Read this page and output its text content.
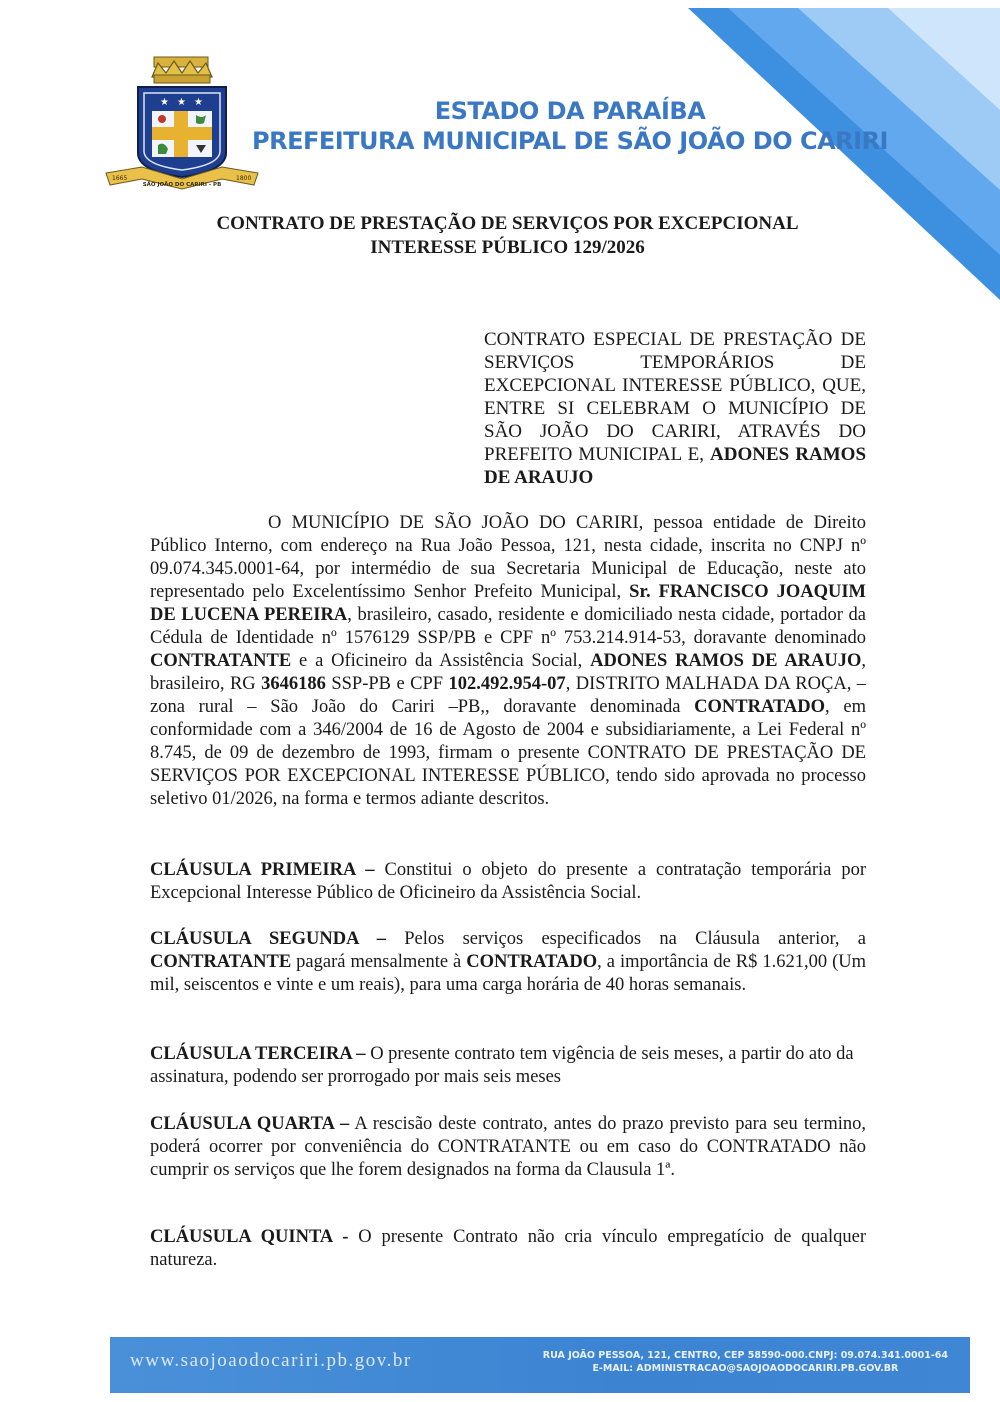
★ ★ ★
1665	1800
SÃO JOÃO DO CARIRI - PB
ESTADO DA PARAÍBA
PREFEITURA MUNICIPAL DE SÃO JOÃO DO CARIRI
CONTRATO DE PRESTAÇÃO DE SERVIÇOS POR EXCEPCIONAL
INTERESSE PÚBLICO 129/2026
CONTRATO ESPECIAL DE PRESTAÇÃO DE SERVIÇOS TEMPORÁRIOS DE EXCEPCIONAL INTERESSE PÚBLICO, QUE, ENTRE SI CELEBRAM O MUNICÍPIO DE SÃO JOÃO DO CARIRI, ATRAVÉS DO PREFEITO MUNICIPAL E, ADONES RAMOS DE ARAUJO
O MUNICÍPIO DE SÃO JOÃO DO CARIRI, pessoa entidade de Direito Público Interno, com endereço na Rua João Pessoa, 121, nesta cidade, inscrita no CNPJ nº 09.074.345.0001-64, por intermédio de sua Secretaria Municipal de Educação, neste ato representado pelo Excelentíssimo Senhor Prefeito Municipal, Sr. FRANCISCO JOAQUIM DE LUCENA PEREIRA, brasileiro, casado, residente e domiciliado nesta cidade, portador da Cédula de Identidade nº 1576129 SSP/PB e CPF nº 753.214.914-53, doravante denominado CONTRATANTE e a Oficineiro da Assistência Social, ADONES RAMOS DE ARAUJO, brasileiro, RG 3646186 SSP-PB e CPF 102.492.954-07, DISTRITO MALHADA DA ROÇA, – zona rural – São João do Cariri –PB,, doravante denominada CONTRATADO, em conformidade com a 346/2004 de 16 de Agosto de 2004 e subsidiariamente, a Lei Federal nº 8.745, de 09 de dezembro de 1993, firmam o presente CONTRATO DE PRESTAÇÃO DE SERVIÇOS POR EXCEPCIONAL INTERESSE PÚBLICO, tendo sido aprovada no processo seletivo 01/2026, na forma e termos adiante descritos.
CLÁUSULA PRIMEIRA – Constitui o objeto do presente a contratação temporária por Excepcional Interesse Público de Oficineiro da Assistência Social.
CLÁUSULA SEGUNDA – Pelos serviços especificados na Cláusula anterior, a CONTRATANTE pagará mensalmente à CONTRATADO, a importância de R$ 1.621,00 (Um mil, seiscentos e vinte e um reais), para uma carga horária de 40 horas semanais.
CLÁUSULA TERCEIRA – O presente contrato tem vigência de seis meses, a partir do ato da assinatura, podendo ser prorrogado por mais seis meses
CLÁUSULA QUARTA – A rescisão deste contrato, antes do prazo previsto para seu termino, poderá ocorrer por conveniência do CONTRATANTE ou em caso do CONTRATADO não cumprir os serviços que lhe forem designados na forma da Clausula 1ª.
CLÁUSULA QUINTA - O presente Contrato não cria vínculo empregatício de qualquer natureza.
www.saojoaodocariri.pb.gov.br	RUA JOÃO PESSOA, 121, CENTRO, CEP 58590-000.CNPJ: 09.074.341.0001-64
E-MAIL: ADMINISTRACAO@SAOJOAODOCARIRI.PB.GOV.BR
